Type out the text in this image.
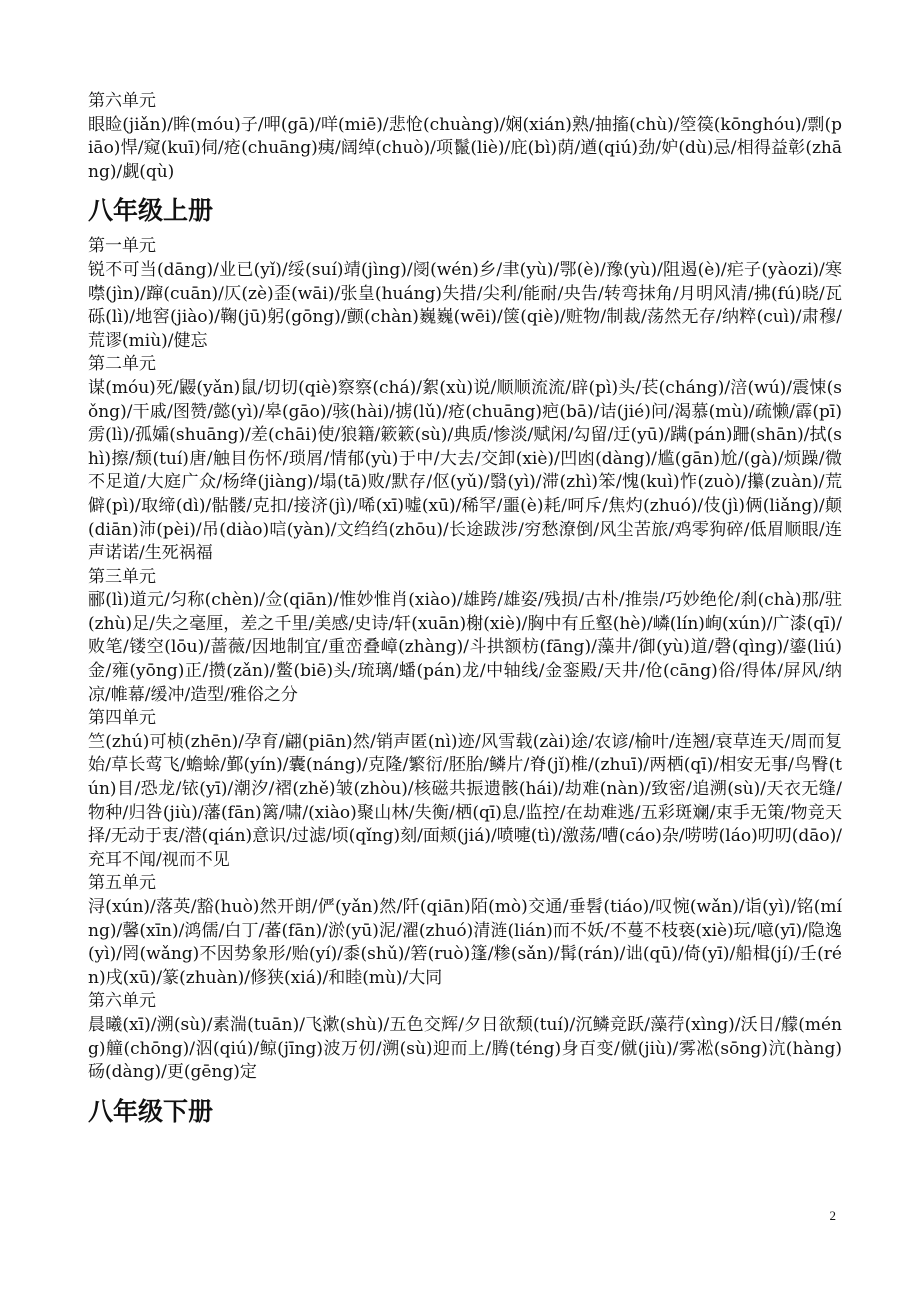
第六单元

眼睑(jiǎn)/眸(móu)子/呷(gā)/咩(miē)/悲怆(chuàng)/娴(xián)熟/抽搐(chù)/箜篌(kōnghóu)/剽(piāo)悍/窥(kuī)伺/疮(chuāng)痍/阔绰(chuò)/项鬣(liè)/庇(bì)荫/遒(qiú)劲/妒(dù)忌/相得益彰(zhāng)/觑(qù)

八年级上册

第一单元

锐不可当(dāng)/业已(yǐ)/绥(suí)靖(jìng)/阌(wén)乡/聿(yù)/鄂(è)/豫(yù)/阻遏(è)/疟子(yàozi)/寒噤(jìn)/蹿(cuān)/仄(zè)歪(wāi)/张皇(huáng)失措/尖利/能耐/央告/转弯抹角/月明风清/拂(fú)晓/瓦砾(lì)/地窖(jiào)/鞠(jū)躬(gōng)/颤(chàn)巍巍(wēi)/箧(qiè)/赃物/制裁/荡然无存/纳粹(cuì)/肃穆/荒谬(miù)/健忘

第二单元

谋(móu)死/鼹(yǎn)鼠/切切(qiè)察察(chá)/絮(xù)说/顺顺流流/辟(pì)头/苌(cháng)/涪(wú)/震悚(sǒng)/干戚/图赞/懿(yì)/皋(gāo)/骇(hài)/掳(lǔ)/疮(chuāng)疤(bā)/诘(jié)问/渴慕(mù)/疏懒/霹(pī)雳(lì)/孤孀(shuāng)/差(chāi)使/狼籍/簌簌(sù)/典质/惨淡/赋闲/勾留/迂(yū)/蹒(pán)跚(shān)/拭(shì)擦/颓(tuí)唐/触目伤怀/琐屑/情郁(yù)于中/大去/交卸(xiè)/凹凼(dàng)/尴(gān)尬/(gà)/烦躁/微不足道/大庭广众/杨绛(jiàng)/塌(tā)败/默存/伛(yǔ)/翳(yì)/滞(zhì)笨/愧(kuì)怍(zuò)/攥(zuàn)/荒僻(pì)/取缔(dì)/骷髅/克扣/接济(jì)/唏(xī)嘘(xū)/稀罕/噩(è)耗/呵斥/焦灼(zhuó)/伎(jì)俩(liǎng)/颠(diān)沛(pèi)/吊(diào)唁(yàn)/文绉绉(zhōu)/长途跋涉/穷愁潦倒/风尘苦旅/鸡零狗碎/低眉顺眼/连声诺诺/生死祸福

第三单元

郦(lì)道元/匀称(chèn)/佥(qiān)/惟妙惟肖(xiào)/雄跨/雄姿/残损/古朴/推崇/巧妙绝伦/刹(chà)那/驻(zhù)足/失之毫厘，差之千里/美感/史诗/轩(xuān)榭(xiè)/胸中有丘壑(hè)/嶙(lín)峋(xún)/广漆(qī)/败笔/镂空(lōu)/蔷薇/因地制宜/重峦叠嶂(zhàng)/斗拱额枋(fāng)/藻井/御(yù)道/磬(qìng)/鎏(liú)金/雍(yōng)正/攒(zǎn)/鳖(biē)头/琉璃/蟠(pán)龙/中轴线/金銮殿/天井/伧(cāng)俗/得体/屏风/纳凉/帷幕/缓冲/造型/雅俗之分

第四单元

竺(zhú)可桢(zhēn)/孕育/翩(piān)然/销声匿(nì)迹/风雪载(zài)途/农谚/榆叶/连翘/衰草连天/周而复始/草长莺飞/蟾蜍/鄞(yín)/囊(náng)/克隆/繁衍/胚胎/鳞片/脊(jǐ)椎/(zhuī)/两栖(qī)/相安无事/鸟臀(tún)目/恐龙/铱(yī)/潮汐/褶(zhě)皱(zhòu)/核磁共振遗骸(hái)/劫难(nàn)/致密/追溯(sù)/天衣无缝/物种/归咎(jiù)/藩(fān)篱/啸/(xiào)聚山林/失衡/栖(qī)息/监控/在劫难逃/五彩斑斓/束手无策/物竞天择/无动于衷/潜(qián)意识/过滤/顷(qǐng)刻/面颊(jiá)/喷嚏(tì)/激荡/嘈(cáo)杂/唠唠(láo)叨叨(dāo)/充耳不闻/视而不见

第五单元

浔(xún)/落英/豁(huò)然开朗/俨(yǎn)然/阡(qiān)陌(mò)交通/垂髫(tiáo)/叹惋(wǎn)/诣(yì)/铭(míng)/馨(xīn)/鸿儒/白丁/蕃(fān)/淤(yū)泥/濯(zhuó)清涟(lián)而不妖/不蔓不枝亵(xiè)玩/噫(yī)/隐逸(yì)/罔(wǎng)不因势象形/贻(yí)/黍(shǔ)/箬(ruò)篷/糁(sǎn)/髯(rán)/诎(qū)/倚(yī)/船楫(jí)/壬(rén)戌(xū)/篆(zhuàn)/修狭(xiá)/和睦(mù)/大同

第六单元

晨曦(xī)/溯(sù)/素湍(tuān)/飞漱(shù)/五色交辉/夕日欲颓(tuí)/沉鳞竞跃/藻荇(xìng)/沃日/艨(méng)艟(chōng)/泅(qiú)/鲸(jīng)波万仞/溯(sù)迎而上/腾(téng)身百变/僦(jiù)/雾凇(sōng)沆(hàng)砀(dàng)/更(gēng)定

八年级下册
2
